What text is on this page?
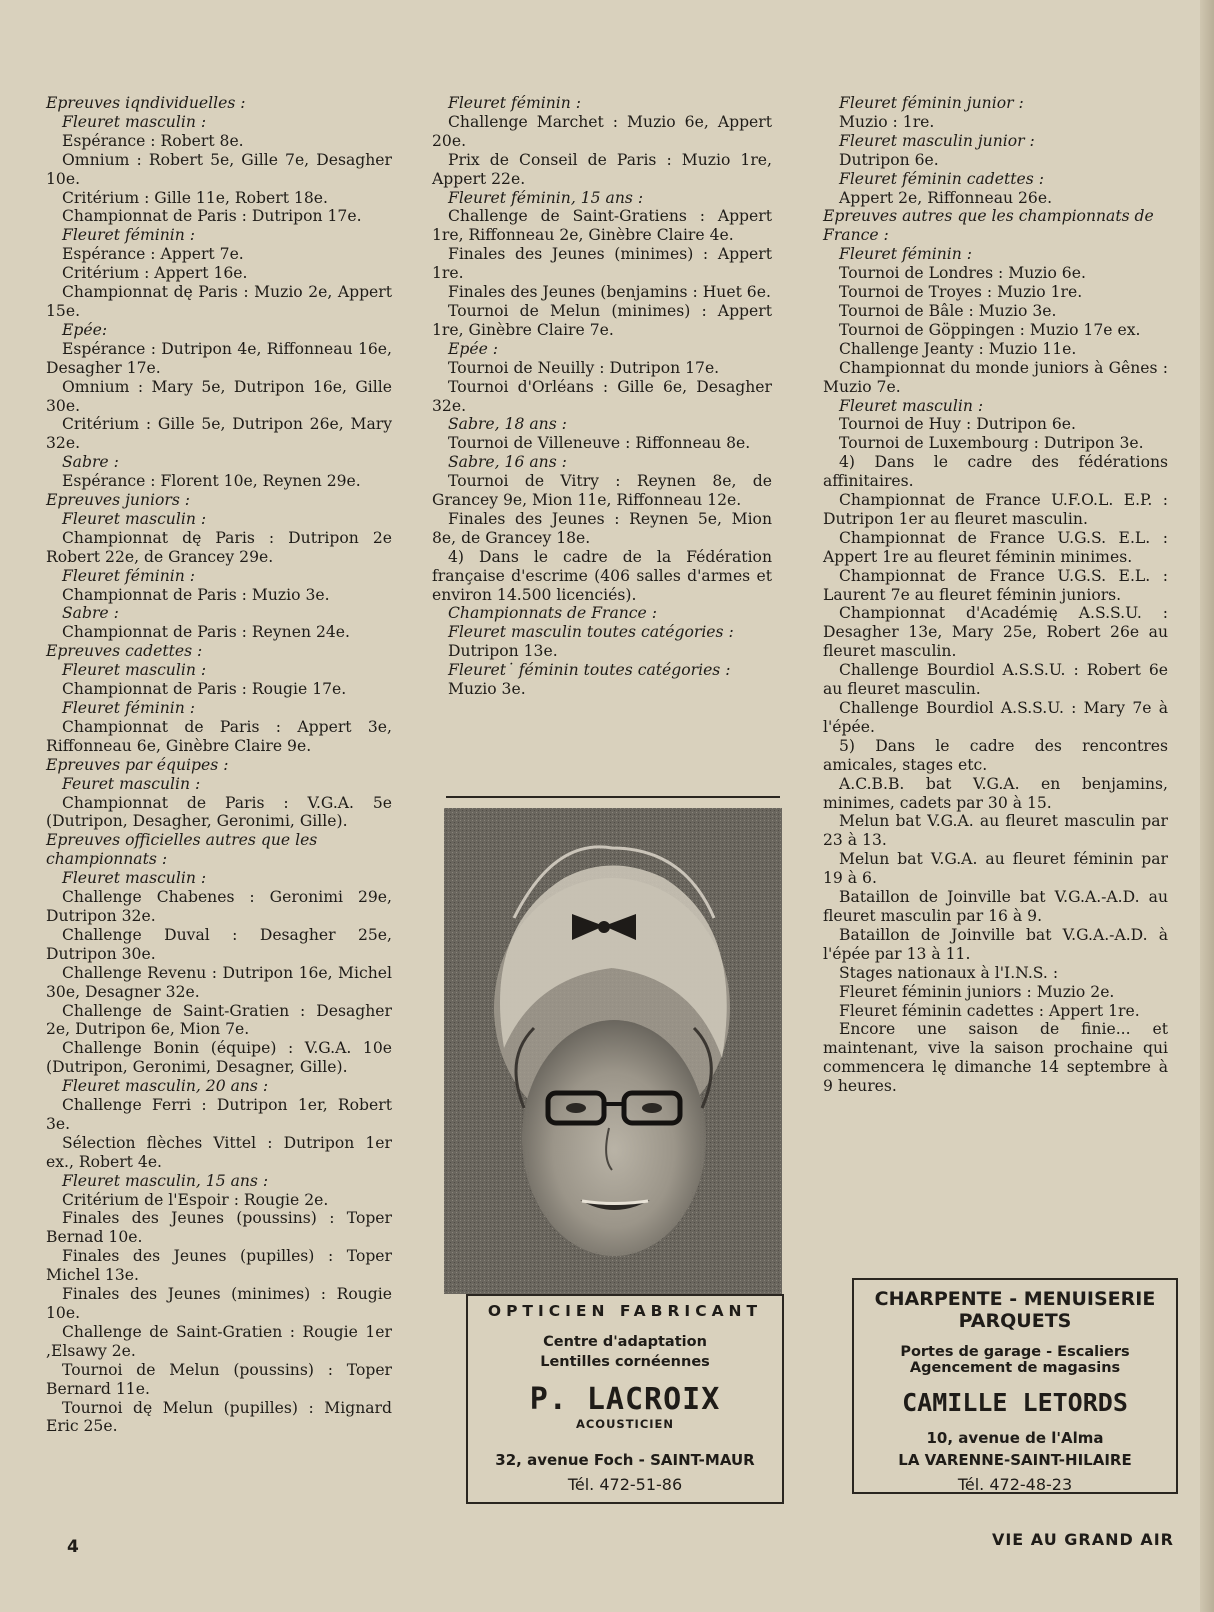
Epreuves iqndividuelles :

Fleuret masculin :

Espérance : Robert 8e.

Omnium : Robert 5e, Gille 7e, Desagher 10e.

Critérium : Gille 11e, Robert 18e.

Championnat de Paris : Dutripon 17e.

Fleuret féminin :

Espérance : Appert 7e.

Critérium : Appert 16e.

Championnat dę Paris : Muzio 2e, Appert 15e.

Epée:

Espérance : Dutripon 4e, Riffonneau 16e, Desagher 17e.

Omnium : Mary 5e, Dutripon 16e, Gille 30e.

Critérium : Gille 5e, Dutripon 26e, Mary 32e.

Sabre :

Espérance : Florent 10e, Reynen 29e.

Epreuves juniors :

Fleuret masculin :

Championnat dę Paris : Dutripon 2e Robert 22e, de Grancey 29e.

Fleuret féminin :

Championnat de Paris : Muzio 3e.

Sabre :

Championnat de Paris : Reynen 24e.

Epreuves cadettes :

Fleuret masculin :

Championnat de Paris : Rougie 17e.

Fleuret féminin :

Championnat de Paris : Appert 3e, Riffonneau 6e, Ginèbre Claire 9e.

Epreuves par équipes :

Feuret masculin :

Championnat de Paris : V.G.A. 5e (Dutripon, Desagher, Geronimi, Gille).

Epreuves officielles autres que les championnats :

Fleuret masculin :

Challenge Chabenes : Geronimi 29e, Dutripon 32e.

Challenge Duval : Desagher 25e, Dutripon 30e.

Challenge Revenu : Dutripon 16e, Michel 30e, Desagner 32e.

Challenge de Saint-Gratien : Desagher 2e, Dutripon 6e, Mion 7e.

Challenge Bonin (équipe) : V.G.A. 10e (Dutripon, Geronimi, Desagner, Gille).

Fleuret masculin, 20 ans :

Challenge Ferri : Dutripon 1er, Robert 3e.

Sélection flèches Vittel : Dutripon 1er ex., Robert 4e.

Fleuret masculin, 15 ans :

Critérium de l'Espoir : Rougie 2e.

Finales des Jeunes (poussins) : Toper Bernad 10e.

Finales des Jeunes (pupilles) : Toper Michel 13e.

Finales des Jeunes (minimes) : Rougie 10e.

Challenge de Saint-Gratien : Rougie 1er ,Elsawy 2e.

Tournoi de Melun (poussins) : Toper Bernard 11e.

Tournoi dę Melun (pupilles) : Mignard Eric 25e.

Fleuret féminin :

Challenge Marchet : Muzio 6e, Appert 20e.

Prix de Conseil de Paris : Muzio 1re, Appert 22e.

Fleuret féminin, 15 ans :

Challenge de Saint-Gratiens : Appert 1re, Riffonneau 2e, Ginèbre Claire 4e.

Finales des Jeunes (minimes) : Appert 1re.

Finales des Jeunes (benjamins : Huet 6e.

Tournoi de Melun (minimes) : Appert 1re, Ginèbre Claire 7e.

Epée :

Tournoi de Neuilly : Dutripon 17e.

Tournoi d'Orléans : Gille 6e, Desagher 32e.

Sabre, 18 ans :

Tournoi de Villeneuve : Riffonneau 8e.

Sabre, 16 ans :

Tournoi de Vitry : Reynen 8e, de Grancey 9e, Mion 11e, Riffonneau 12e.

Finales des Jeunes : Reynen 5e, Mion 8e, de Grancey 18e.

4) Dans le cadre de la Fédération française d'escrime (406 salles d'armes et environ 14.500 licenciés).

Championnats de France :

Fleuret masculin toutes catégories :

Dutripon 13e.

Fleuret˙ féminin toutes catégories :

Muzio 3e.

Fleuret féminin junior :

Muzio : 1re.

Fleuret masculin junior :

Dutripon 6e.

Fleuret féminin cadettes :

Appert 2e, Riffonneau 26e.

Epreuves autres que les championnats de France :

Fleuret féminin :

Tournoi de Londres : Muzio 6e.

Tournoi de Troyes : Muzio 1re.

Tournoi de Bâle : Muzio 3e.

Tournoi de Göppingen : Muzio 17e ex.

Challenge Jeanty : Muzio 11e.

Championnat du monde juniors à Gênes : Muzio 7e.

Fleuret masculin :

Tournoi de Huy : Dutripon 6e.

Tournoi de Luxembourg : Dutripon 3e.

4) Dans le cadre des fédérations affinitaires.

Championnat de France U.F.O.L. E.P. : Dutripon 1er au fleuret masculin.

Championnat de France U.G.S. E.L. : Appert 1re au fleuret féminin minimes.

Championnat de France U.G.S. E.L. : Laurent 7e au fleuret féminin juniors.

Championnat d'Académię A.S.S.U. : Desagher 13e, Mary 25e, Robert 26e au fleuret masculin.

Challenge Bourdiol A.S.S.U. : Robert 6e au fleuret masculin.

Challenge Bourdiol A.S.S.U. : Mary 7e à l'épée.

5) Dans le cadre des rencontres amicales, stages etc.

A.C.B.B. bat V.G.A. en benjamins, minimes, cadets par 30 à 15.

Melun bat V.G.A. au fleuret masculin par 23 à 13.

Melun bat V.G.A. au fleuret féminin par 19 à 6.

Bataillon de Joinville bat V.G.A.-A.D. au fleuret masculin par 16 à 9.

Bataillon de Joinville bat V.G.A.-A.D. à l'épée par 13 à 11.

Stages nationaux à l'I.N.S. :

Fleuret féminin juniors : Muzio 2e.

Fleuret féminin cadettes : Appert 1re.

Encore une saison de finie... et maintenant, vive la saison prochaine qui commencera lę dimanche 14 septembre à 9 heures.

OPTICIEN FABRICANT
Centre d'adaptation
Lentilles cornéennes
P. LACROIX
ACOUSTICIEN
32, avenue Foch - SAINT-MAUR
Tél. 472-51-86
CHARPENTE - MENUISERIE
PARQUETS
Portes de garage - Escaliers
Agencement de magasins
CAMILLE LETORDS
10, avenue de l'Alma
LA VARENNE-SAINT-HILAIRE
Tél. 472-48-23
4	VIE AU GRAND AIR
